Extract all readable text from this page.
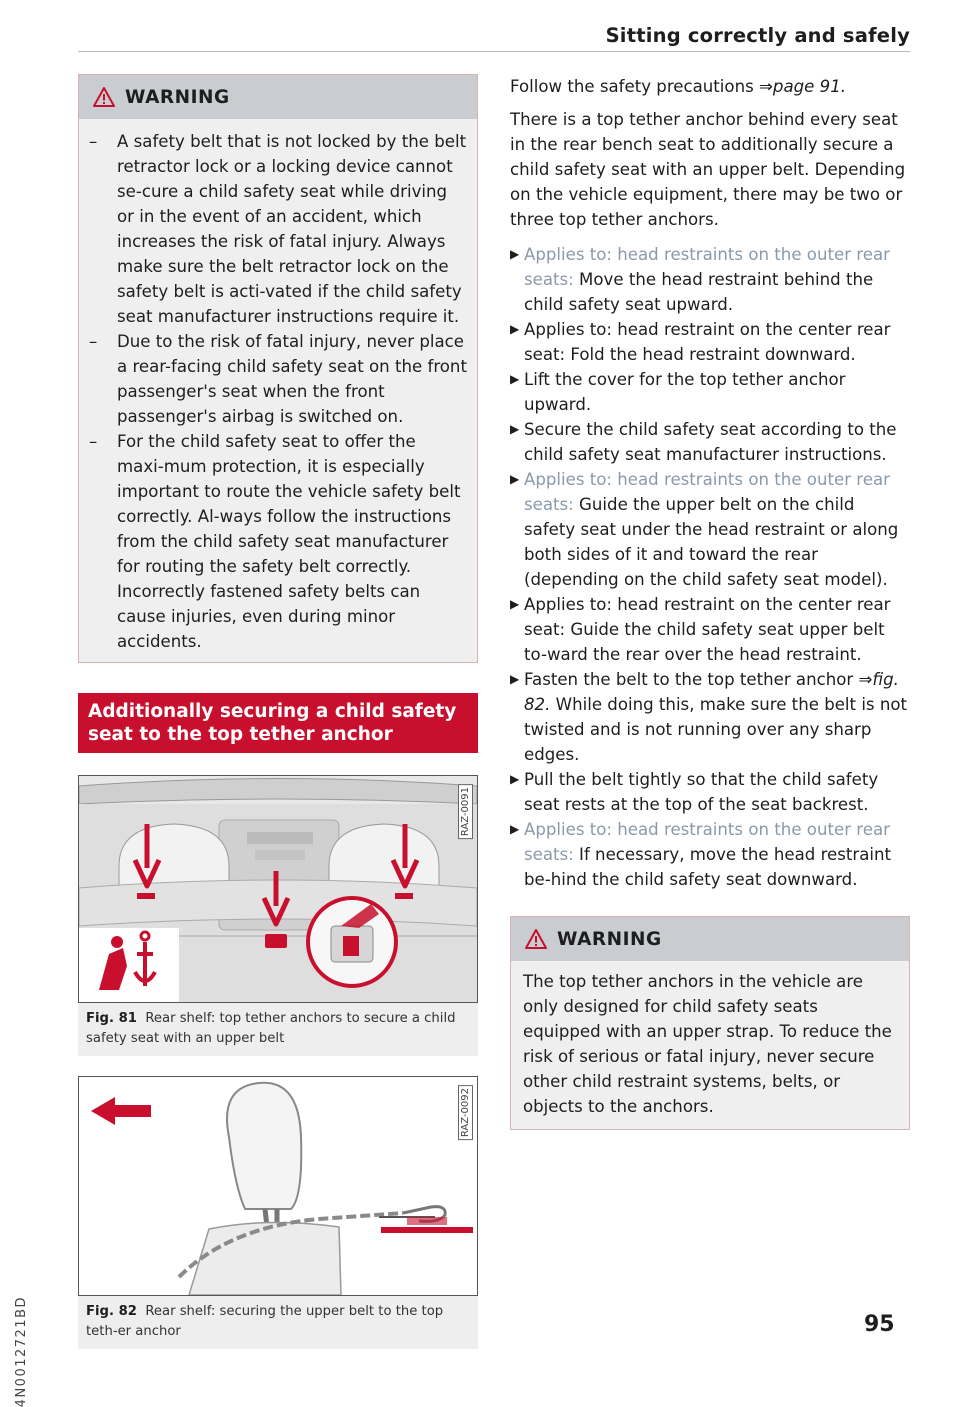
Sitting correctly and safely
WARNING
– A safety belt that is not locked by the belt retractor lock or a locking device cannot se-cure a child safety seat while driving or in the event of an accident, which increases the risk of fatal injury. Always make sure the belt retractor lock on the safety belt is acti-vated if the child safety seat manufacturer instructions require it.
– Due to the risk of fatal injury, never place a rear-facing child safety seat on the front passenger's seat when the front passenger's airbag is switched on.
– For the child safety seat to offer the maxi-mum protection, it is especially important to route the vehicle safety belt correctly. Al-ways follow the instructions from the child safety seat manufacturer for routing the safety belt correctly. Incorrectly fastened safety belts can cause injuries, even during minor accidents.
Additionally securing a child safety seat to the top tether anchor
RAZ-0091
Fig. 81 Rear shelf: top tether anchors to secure a child safety seat with an upper belt
RAZ-0092
Fig. 82 Rear shelf: securing the upper belt to the top teth-er anchor

Follow the safety precautions ⇒page 91.

There is a top tether anchor behind every seat in the rear bench seat to additionally secure a child safety seat with an upper belt. Depending on the vehicle equipment, there may be two or three top tether anchors.

▶ Applies to: head restraints on the outer rear seats: Move the head restraint behind the child safety seat upward.
▶ Applies to: head restraint on the center rear seat: Fold the head restraint downward.
▶ Lift the cover for the top tether anchor upward.
▶ Secure the child safety seat according to the child safety seat manufacturer instructions.
▶ Applies to: head restraints on the outer rear seats: Guide the upper belt on the child safety seat under the head restraint or along both sides of it and toward the rear (depending on the child safety seat model).
▶ Applies to: head restraint on the center rear seat: Guide the child safety seat upper belt to-ward the rear over the head restraint.
▶ Fasten the belt to the top tether anchor ⇒fig. 82. While doing this, make sure the belt is not twisted and is not running over any sharp edges.
▶ Pull the belt tightly so that the child safety seat rests at the top of the seat backrest.
▶ Applies to: head restraints on the outer rear seats: If necessary, move the head restraint be-hind the child safety seat downward.
WARNING
The top tether anchors in the vehicle are only designed for child safety seats equipped with an upper strap. To reduce the risk of serious or fatal injury, never secure other child restraint systems, belts, or objects to the anchors.
4N0012721BD	95
